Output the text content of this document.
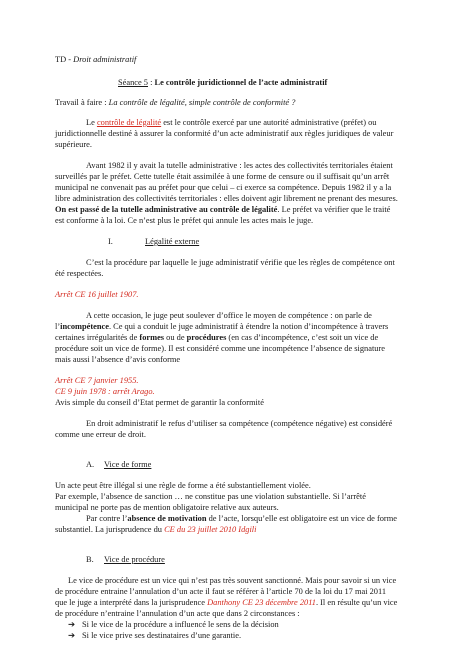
TD - Droit administratif
Séance 5 : Le contrôle juridictionnel de l’acte administratif
Travail à faire : La contrôle de légalité, simple contrôle de conformité ?
Le contrôle de légalité est le contrôle exercé par une autorité administrative (préfet) ou
juridictionnelle destiné à assurer la conformité d’un acte administratif aux règles juridiques de valeur
supérieure.
Avant 1982 il y avait la tutelle administrative : les actes des collectivités territoriales étaient
surveillés par le préfet. Cette tutelle était assimilée à une forme de censure ou il suffisait qu’un arrêt
municipal ne convenait pas au préfet pour que celui – ci exerce sa compétence. Depuis 1982 il y a la
libre administration des collectivités territoriales : elles doivent agir librement ne prenant des mesures.
On est passé de la tutelle administrative au contrôle de légalité. Le préfet va vérifier que le traité
est conforme à la loi. Ce n’est plus le préfet qui annule les actes mais le juge.
I.	Légalité externe
C’est la procédure par laquelle le juge administratif vérifie que les règles de compétence ont
été respectées.
Arrêt CE 16 juillet 1907.
A cette occasion, le juge peut soulever d’office le moyen de compétence : on parle de
l’incompétence. Ce qui a conduit le juge administratif à étendre la notion d’incompétence à travers
certaines irrégularités de formes ou de procédures (en cas d’incompétence, c’est soit un vice de
procédure soit un vice de forme). Il est considéré comme une incompétence l’absence de signature
mais aussi l’absence d’avis conforme
Arrêt CE 7 janvier 1955.
CE 9 juin 1978 : arrêt Arago.
Avis simple du conseil d’Etat permet de garantir la conformité
En droit administratif le refus d’utiliser sa compétence (compétence négative) est considéré
comme une erreur de droit.
A. Vice de forme
Un acte peut être illégal si une règle de forme a été substantiellement violée.
Par exemple, l’absence de sanction … ne constitue pas une violation substantielle. Si l’arrêté
municipal ne porte pas de mention obligatoire relative aux auteurs.
Par contre l’absence de motivation de l’acte, lorsqu’elle est obligatoire est un vice de forme
substantiel. La jurisprudence du CE du 23 juillet 2010 Idgili
B. Vice de procédure
Le vice de procédure est un vice qui n’est pas très souvent sanctionné. Mais pour savoir si un vice
de procédure entraine l’annulation d’un acte il faut se référer à l’article 70 de la loi du 17 mai 2011
que le juge a interprété dans la jurisprudence Danthony CE 23 décembre 2011. Il en résulte qu’un vice
de procédure n’entraine l’annulation d’un acte que dans 2 circonstances :
➔ Si le vice de la procédure a influencé le sens de la décision
➔ Si le vice prive ses destinataires d’une garantie.
